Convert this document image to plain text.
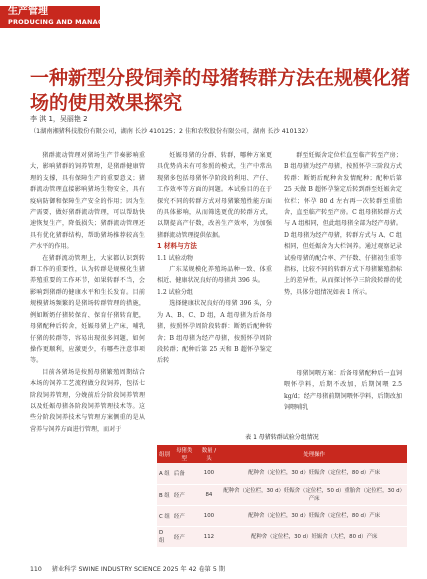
生产管理
PRODUCING AND MANAGEMENT
一种新型分段饲养的母猪转群方法在规模化猪场的使用效果探究
李 淇 1，吴丽艳 2
（1湖南湘猪科技股份有限公司，湖南 长沙 410125；2 佳和农牧股份有限公司，湖南 长沙 410132）

猪群流动管理对猪场生产节奏影响重大，影响猪群的饲养管理，是猪群健康管理的支撑，具有保障生产的重要意义；猪群流动管理直接影响猪场生物安全，具有疫病防御和保障生产安全的作用；因为生产需要，做好猪群流动管理，可以帮助快速恢复生产，降低损失；猪群流动管理还具有优化猪群结构，帮助猪场推荐较高生产水平的作用。

在猪群流动管理上，大家都认识到转群工作的重要性，认为转群是规模化生猪养殖重要的工作环节，如果转群不当，会影响到猪群的健康水平和生长发育。目前规模猪场频繁的是猪场转群管理的措施，例如断奶仔猪转保育、保育仔猪转育肥，母猪配种后转舍，妊娠母猪上产床，哺乳仔猪的转群等，容易出现很多问题，如何操作更顺利，应激更少，有哪些注意事项等。

目前各猪场是按照母猪繁殖周期结合本场的饲养工艺流程做分段饲养，包括七阶段饲养管理，分娩前后分阶段饲养管理以及妊娠母猪各阶段饲养管理技术等。这些分阶段饲养技术与管理方案侧重的是从营养与饲养方面进行管理，而对于

妊娠母猪的分群、转群，哪种方案更具优势尚未有可参照的模式，生产中常出现猪多包括母猪怀孕阶段的利用、产仔、工作效率等方面的问题。本试验目的在于探究不同的转群方式对母猪繁殖性能方面的具体影响，从而筛选更优的转群方式，以期提高产仔数，改善生产效率，为加强猪群流动管理提供依据。

1 材料与方法

1.1 试验动物

广东某规模化养殖场品种一致、体重相近、健康状况良好的母猪共 396 头。

1.2 试验分组

选择健康状况良好的母猪 396 头，分为 A、B、C、D 组，A 组母猪为后备母猪，按照怀孕周阶段转群：断奶后配种转舍；B 组母猪为经产母猪，按照怀孕周阶段转群；配种后第 25 天和 B 超怀孕鉴定后转

群至妊娠舍定位栏直至临产转至产房；B 组母猪为经产母猪，按照怀孕三阶段方式转群：断奶后配种舍发情配种；配种后第 25 天做 B 超怀孕鉴定后转到群至妊娠舍定位栏；怀孕 80 d 左右再一次转群至重胎舍，直至临产转至产房。C 组母猪转群方式与 A 组相同，但此组母猪全部为经产母猪。D 组母猪为经产母猪，转群方式与 A、C 组相同，但妊娠舍为大栏饲养。通过观察记录试验母猪的配合率、产仔数、仔猪初生重等指标，比较不同的转群方式下母猪繁殖指标上的差异性，从而探讨怀孕三阶段转群的优势，具体分组情况如表 1 所示。

母猪饲喂方案：后备母猪配种后一直饲喂怀孕料，后期不改加，后期饲喂 2.5 kg/d；经产母猪前期饲喂怀孕料，后期改加饲喂哺乳

表 1 母猪转群试验分组情况
组别	母猪类型	数量 / 头	处理操作
A 组	后备	100	配种舍（定位栏，30 d）妊娠舍（定位栏，80 d）产床
B 组	经产	84	配种舍（定位栏，30 d）妊娠舍（定位栏，50 d）重胎舍（定位栏，30 d）产床
C 组	经产	100	配种舍（定位栏，30 d）妊娠舍（定位栏，80 d）产床
D 组	经产	112	配种舍（定位栏，30 d）妊娠舍（大栏，80 d）产床
110 猪业科学 SWINE INDUSTRY SCIENCE 2025 年 42 卷第 5 期
